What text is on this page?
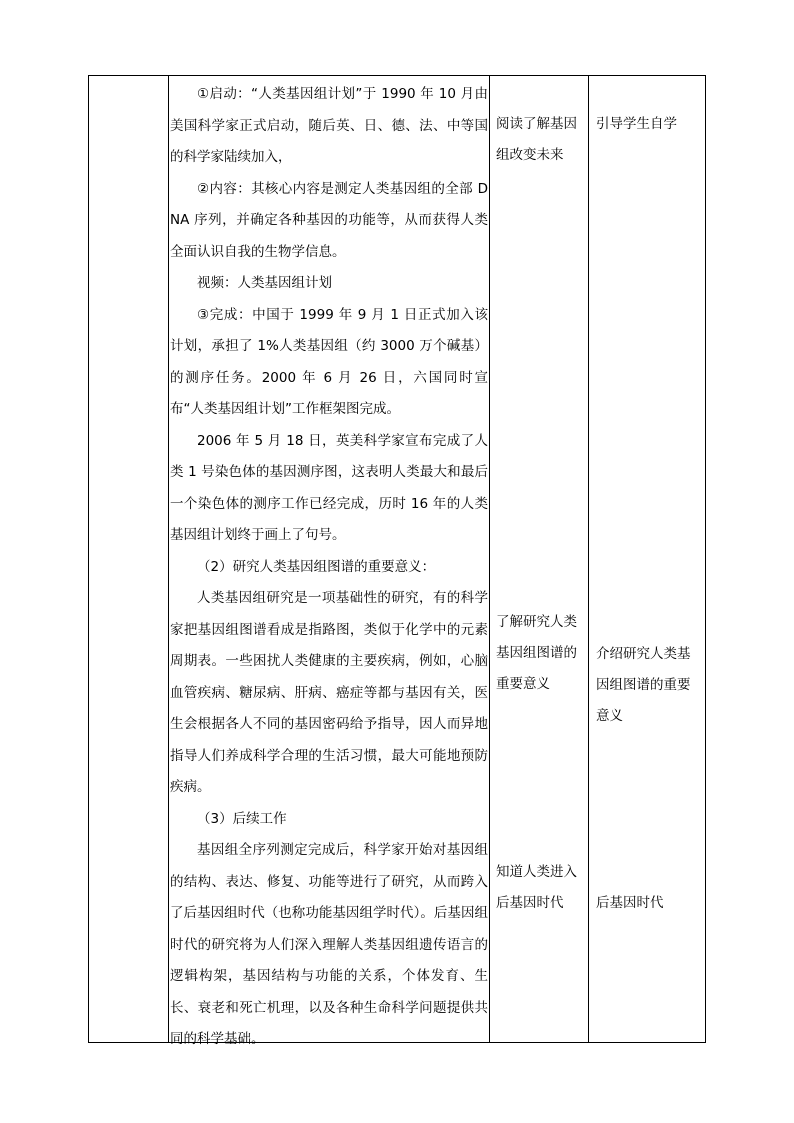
①启动：“人类基因组计划”于 1990 年 10 月由美国科学家正式启动，随后英、日、德、法、中等国的科学家陆续加入，

②内容：其核心内容是测定人类基因组的全部 DNA 序列，并确定各种基因的功能等，从而获得人类全面认识自我的生物学信息。

视频：人类基因组计划

③完成：中国于 1999 年 9 月 1 日正式加入该计划，承担了 1%人类基因组（约 3000 万个碱基）的测序任务。2000 年 6 月 26 日，六国同时宣布“人类基因组计划”工作框架图完成。

2006 年 5 月 18 日，英美科学家宣布完成了人类 1 号染色体的基因测序图，这表明人类最大和最后一个染色体的测序工作已经完成，历时 16 年的人类基因组计划终于画上了句号。

（2）研究人类基因组图谱的重要意义：

人类基因组研究是一项基础性的研究，有的科学家把基因组图谱看成是指路图，类似于化学中的元素周期表。一些困扰人类健康的主要疾病，例如，心脑血管疾病、糖尿病、肝病、癌症等都与基因有关，医生会根据各人不同的基因密码给予指导，因人而异地指导人们养成科学合理的生活习惯，最大可能地预防疾病。

（3）后续工作

基因组全序列测定完成后，科学家开始对基因组的结构、表达、修复、功能等进行了研究，从而跨入了后基因组时代（也称功能基因组学时代）。后基因组时代的研究将为人们深入理解人类基因组遗传语言的逻辑构架，基因结构与功能的关系，个体发育、生长、衰老和死亡机理，以及各种生命科学问题提供共同的科学基础。

阅读了解基因组改变未来
了解研究人类基因组图谱的重要意义
知道人类进入后基因时代
引导学生自学
介绍研究人类基因组图谱的重要意义
后基因时代
